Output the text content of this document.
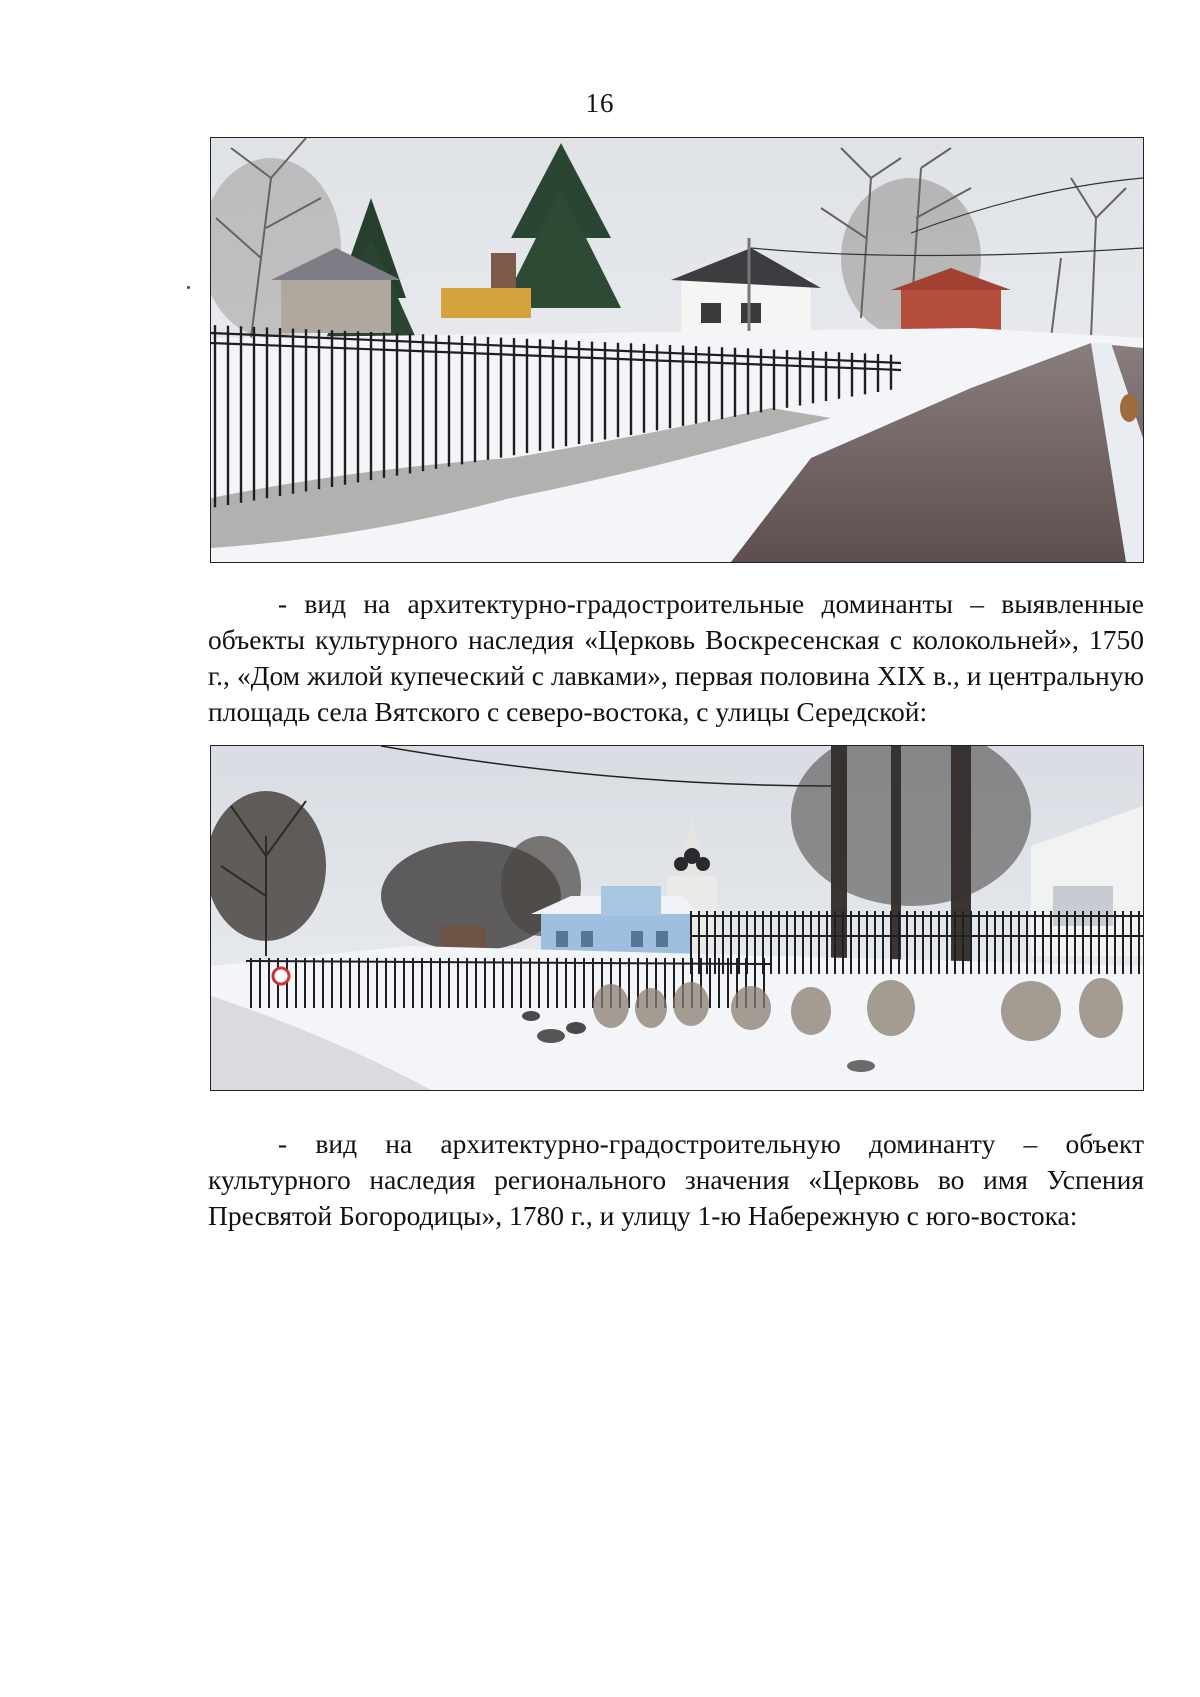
16

- вид на архитектурно-градостроительные доминанты – выявленные объекты культурного наследия «Церковь Воскресенская с колокольней», 1750 г., «Дом жилой купеческий с лавками», первая половина XIX в., и центральную площадь села Вятского с северо-востока, с улицы Середской:

- вид на архитектурно-градостроительную доминанту – объект культурного наследия регионального значения «Церковь во имя Успения Пресвятой Богородицы», 1780 г., и улицу 1-ю Набережную с юго-востока:
